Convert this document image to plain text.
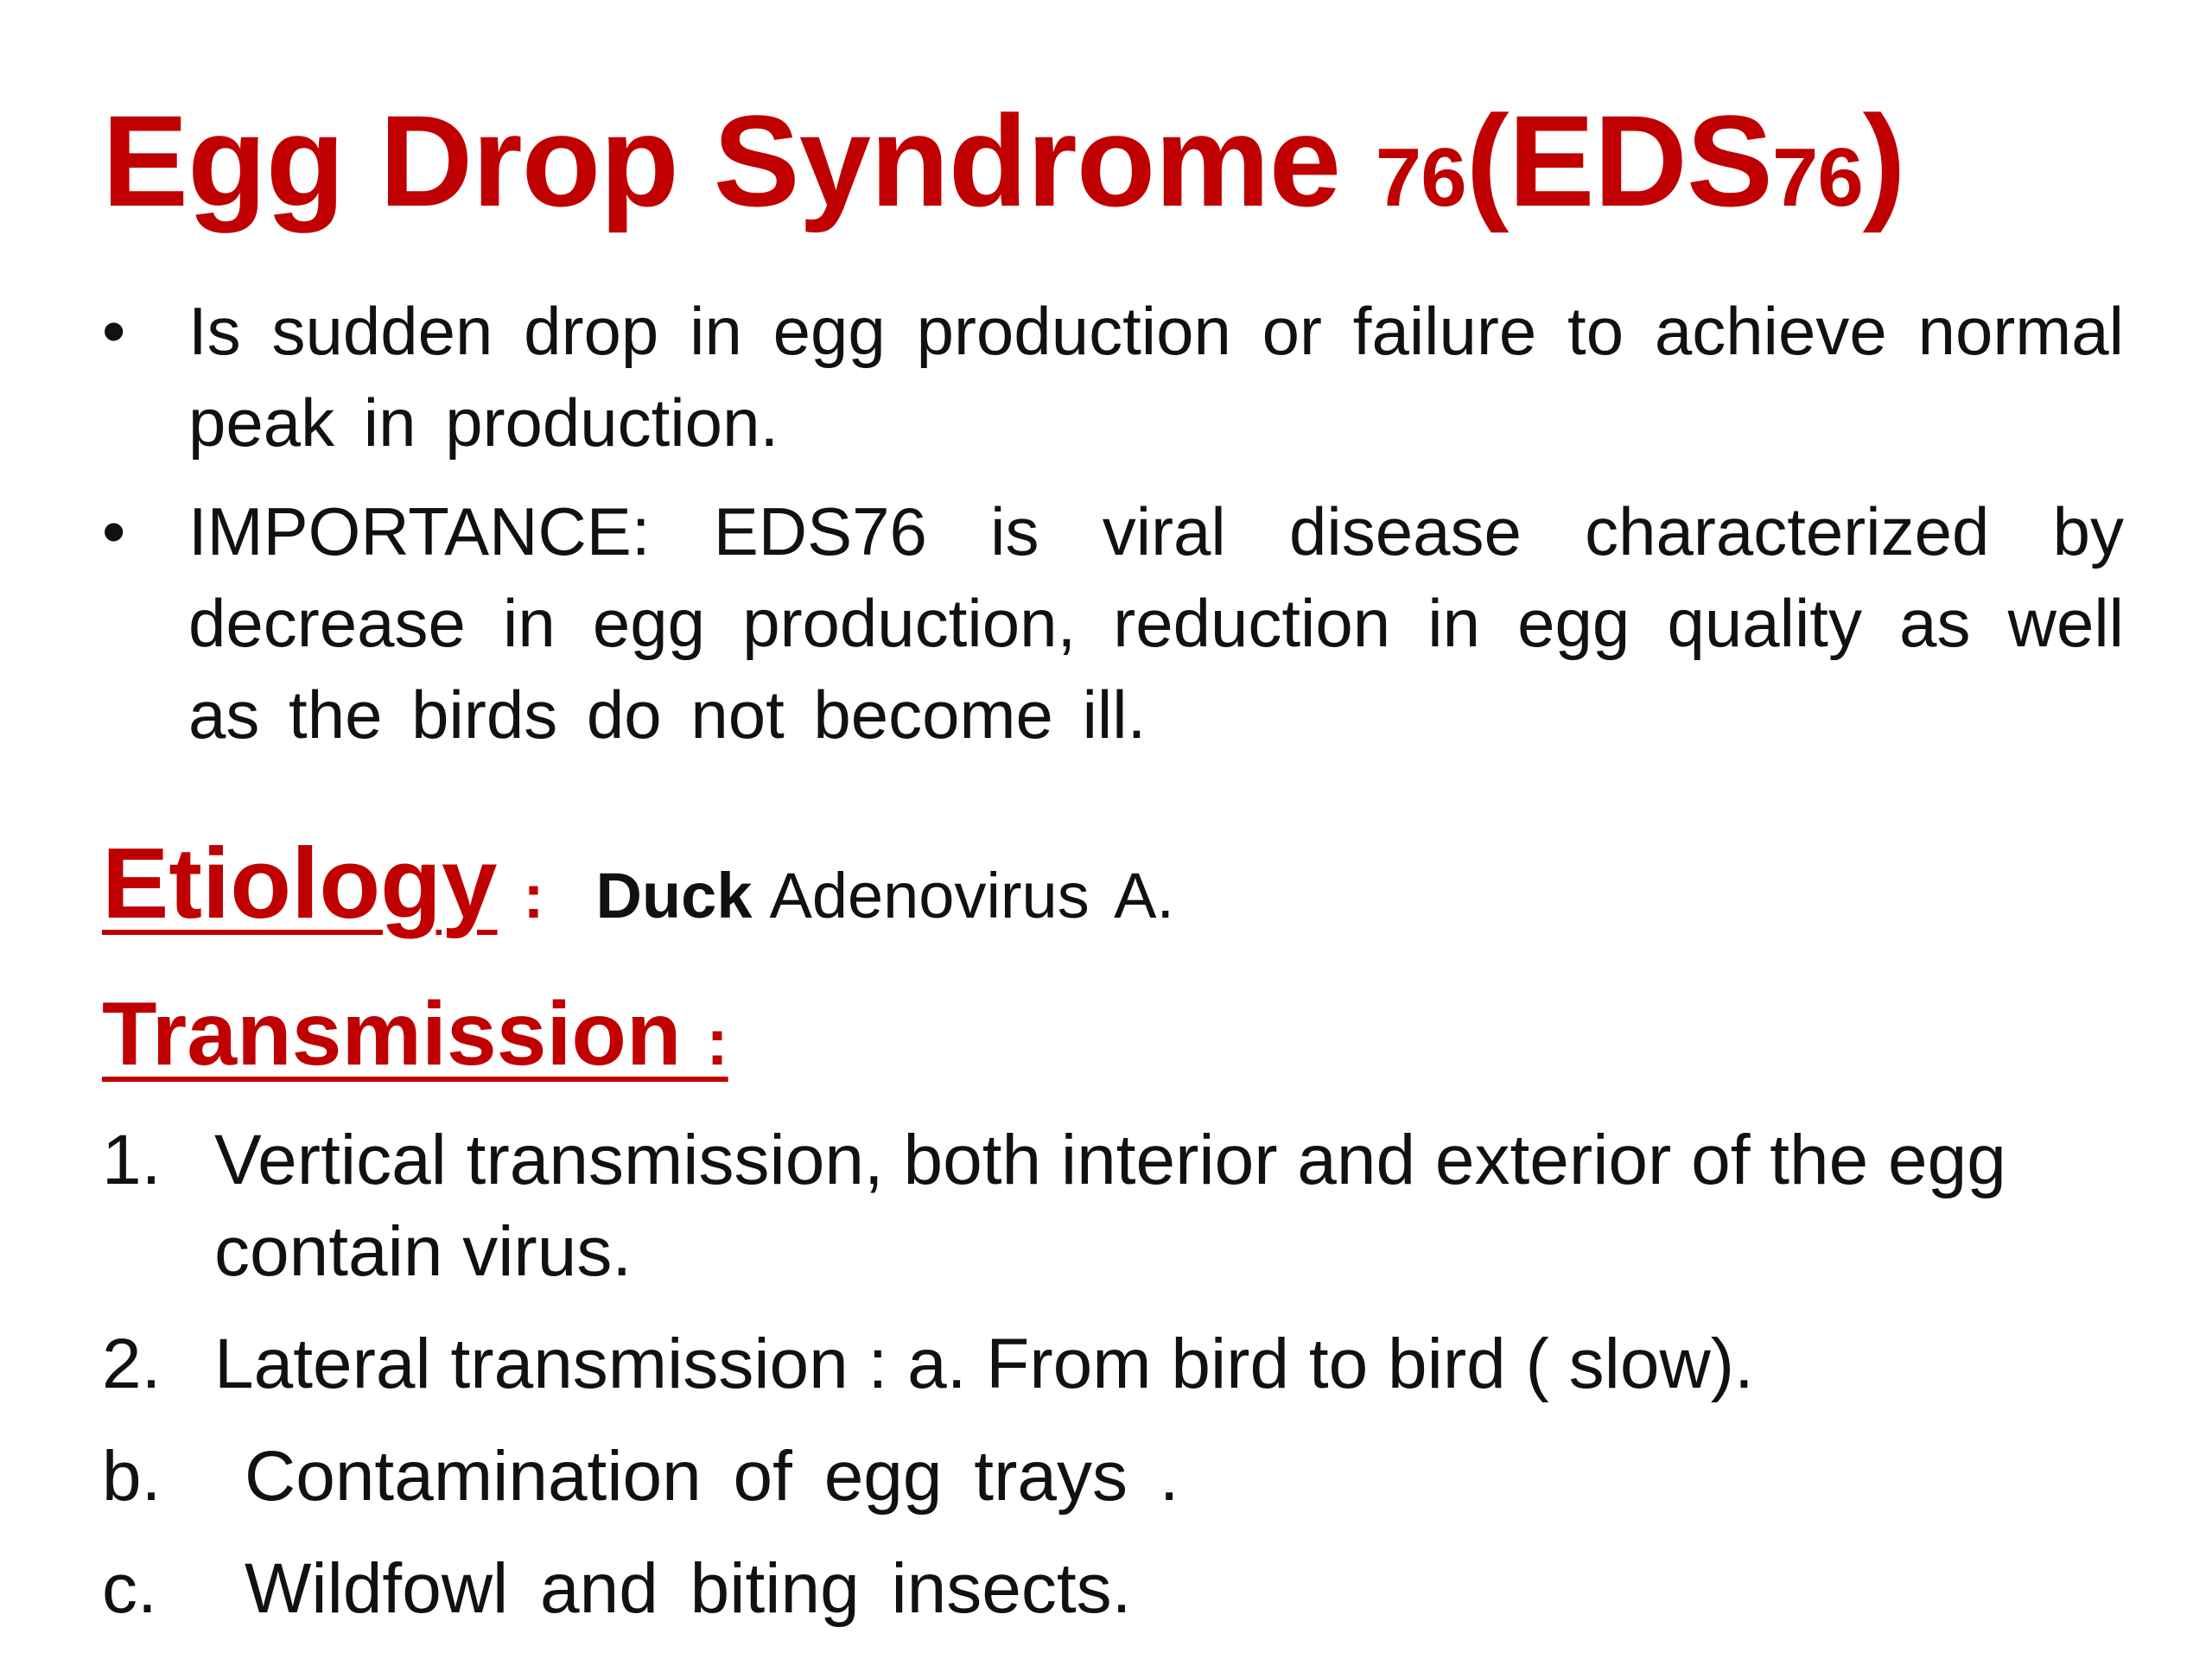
Egg Drop Syndrome 76(EDS76)
• Is sudden drop in egg production or failure to achieve normal peak in production.
• IMPORTANCE: EDS76 is viral disease characterized by decrease in egg production, reduction in egg quality as well as the birds do not become ill.
Etiology : Duck Adenovirus A.
Transmission :
1. Vertical transmission, both interior and exterior of the egg contain virus.
2. Lateral transmission : a. From bird to bird ( slow).
b.	Contamination of egg trays .
c.	Wildfowl and biting insects.
